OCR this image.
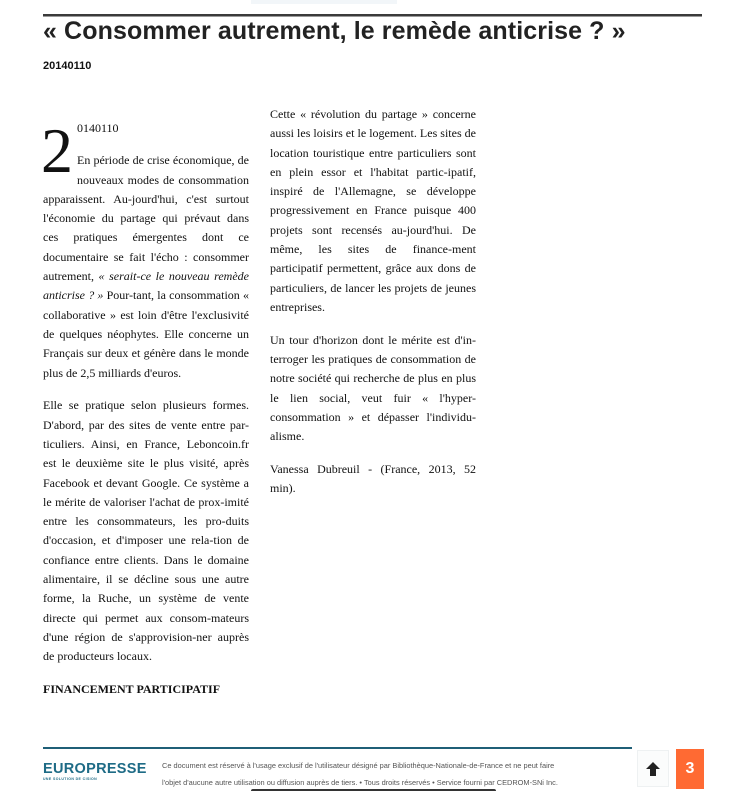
« Consommer autrement, le remède anticrise ? »
20140110

2 0140110
En période de crise économique, de nouveaux modes de consommation apparaissent. Au-jourd'hui, c'est surtout l'économie du partage qui prévaut dans ces pratiques émergentes dont ce documentaire se fait l'écho : consommer autrement, « serait-ce le nouveau remède anticrise ? » Pour-tant, la consommation « collaborative » est loin d'être l'exclusivité de quelques néophytes. Elle concerne un Français sur deux et génère dans le monde plus de 2,5 milliards d'euros.

Elle se pratique selon plusieurs formes. D'abord, par des sites de vente entre par-ticuliers. Ainsi, en France, Leboncoin.fr est le deuxième site le plus visité, après Facebook et devant Google. Ce système a le mérite de valoriser l'achat de prox-imité entre les consommateurs, les pro-duits d'occasion, et d'imposer une rela-tion de confiance entre clients. Dans le domaine alimentaire, il se décline sous une autre forme, la Ruche, un système de vente directe qui permet aux consom-mateurs d'une région de s'approvision-ner auprès de producteurs locaux.

FINANCEMENT PARTICIPATIF

Cette « révolution du partage » concerne aussi les loisirs et le logement. Les sites de location touristique entre particuliers sont en plein essor et l'habitat partic-ipatif, inspiré de l'Allemagne, se développe progressivement en France puisque 400 projets sont recensés au-jourd'hui. De même, les sites de finance-ment participatif permettent, grâce aux dons de particuliers, de lancer les projets de jeunes entreprises.

Un tour d'horizon dont le mérite est d'in-terroger les pratiques de consommation de notre société qui recherche de plus en plus le lien social, veut fuir « l'hyper-consommation » et dépasser l'individu-alisme.

Vanessa Dubreuil - (France, 2013, 52 min).

EUROPRESSE
UNE SOLUTION DE CISION
Ce document est réservé à l'usage exclusif de l'utilisateur désigné par Bibliothèque-Nationale-de-France et ne peut faire
l'objet d'aucune autre utilisation ou diffusion auprès de tiers. • Tous droits réservés • Service fourni par CEDROM-SNi Inc.
3
